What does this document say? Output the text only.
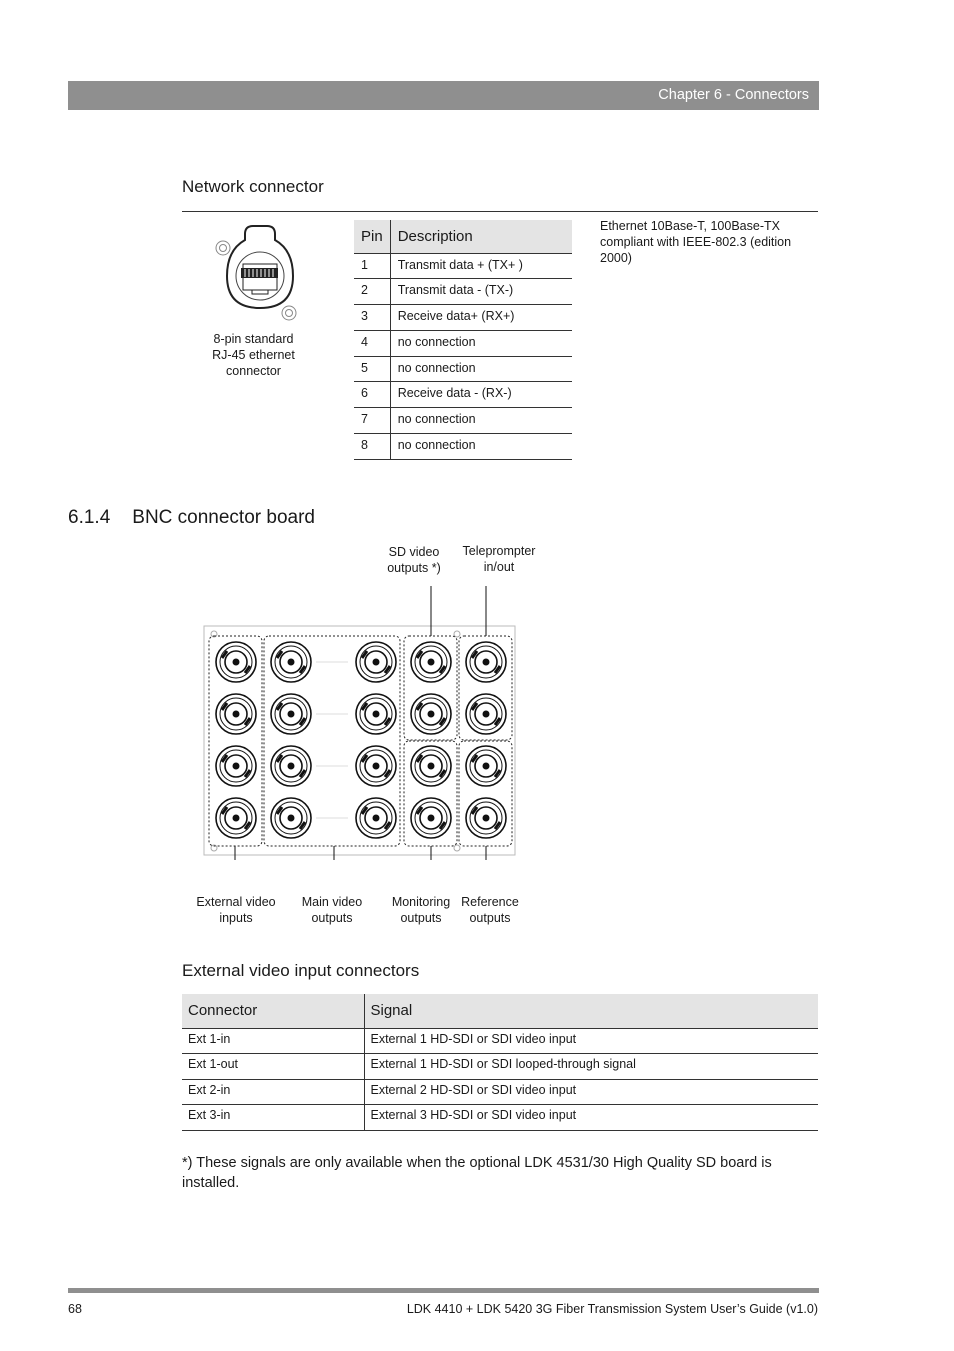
Chapter 6 - Connectors
Network connector
8-pin standard
RJ-45 ethernet
connector
Pin	Description
1	Transmit data + (TX+ )
2	Transmit data - (TX-)
3	Receive data+ (RX+)
4	no connection
5	no connection
6	Receive data - (RX-)
7	no connection
8	no connection
Ethernet 10Base-T, 100Base-TX compliant with IEEE-802.3 (edition 2000)
6.1.4 BNC connector board
SD video
outputs *)
Teleprompter
in/out
External video
inputs
Main video
outputs
Monitoring
outputs
Reference
outputs
External video input connectors
Connector	Signal
Ext 1-in	External 1 HD-SDI or SDI video input
Ext 1-out	External 1 HD-SDI or SDI looped-through signal
Ext 2-in	External 2 HD-SDI or SDI video input
Ext 3-in	External 3 HD-SDI or SDI video input
*) These signals are only available when the optional LDK 4531/30 High Quality SD board is installed.
68	LDK 4410 + LDK 5420 3G Fiber Transmission System User’s Guide (v1.0)
